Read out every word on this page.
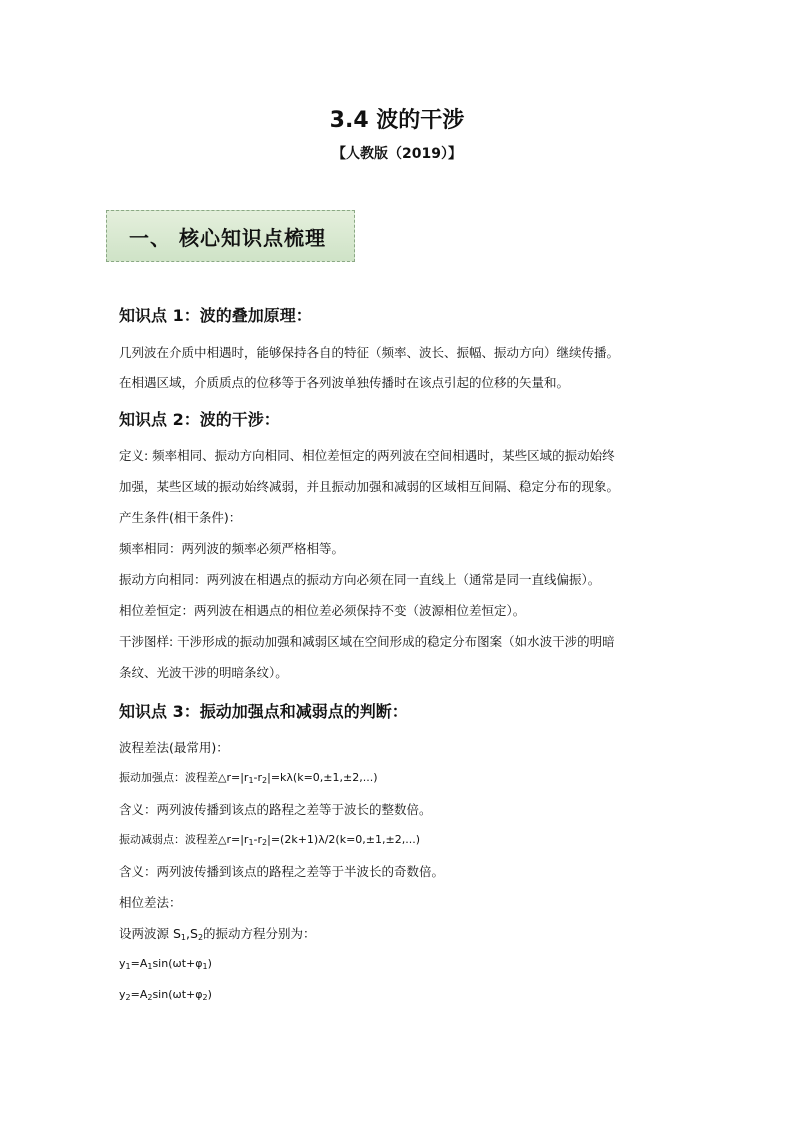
3.4 波的干涉
【人教版（2019）】
一、 核心知识点梳理
知识点 1：波的叠加原理：
几列波在介质中相遇时，能够保持各自的特征（频率、波长、振幅、振动方向）继续传播。
在相遇区域，介质质点的位移等于各列波单独传播时在该点引起的位移的矢量和。
知识点 2：波的干涉：
定义: 频率相同、振动方向相同、相位差恒定的两列波在空间相遇时，某些区域的振动始终
加强，某些区域的振动始终减弱，并且振动加强和减弱的区域相互间隔、稳定分布的现象。
产生条件(相干条件)：
频率相同：两列波的频率必须严格相等。
振动方向相同：两列波在相遇点的振动方向必须在同一直线上（通常是同一直线偏振）。
相位差恒定：两列波在相遇点的相位差必须保持不变（波源相位差恒定）。
干涉图样: 干涉形成的振动加强和减弱区域在空间形成的稳定分布图案（如水波干涉的明暗
条纹、光波干涉的明暗条纹）。
知识点 3：振动加强点和减弱点的判断：
波程差法(最常用)：
振动加强点：波程差$\triangle r=|r_1-r_2|=k\lambda(k=0,\pm 1,\pm 2,...)$
含义：两列波传播到该点的路程之差等于波长的整数倍。
振动减弱点：波程差$\triangle r=|r_1-r_2|=(2k+1)\lambda/2(k=0,\pm 1,\pm 2,...)$
含义：两列波传播到该点的路程之差等于半波长的奇数倍。
相位差法：
设两波源 $S_1,S_2$的振动方程分别为：
$y_1=A_1\sin(\omega t+\varphi_1)$
$y_2=A_2\sin(\omega t+\varphi_2)$
